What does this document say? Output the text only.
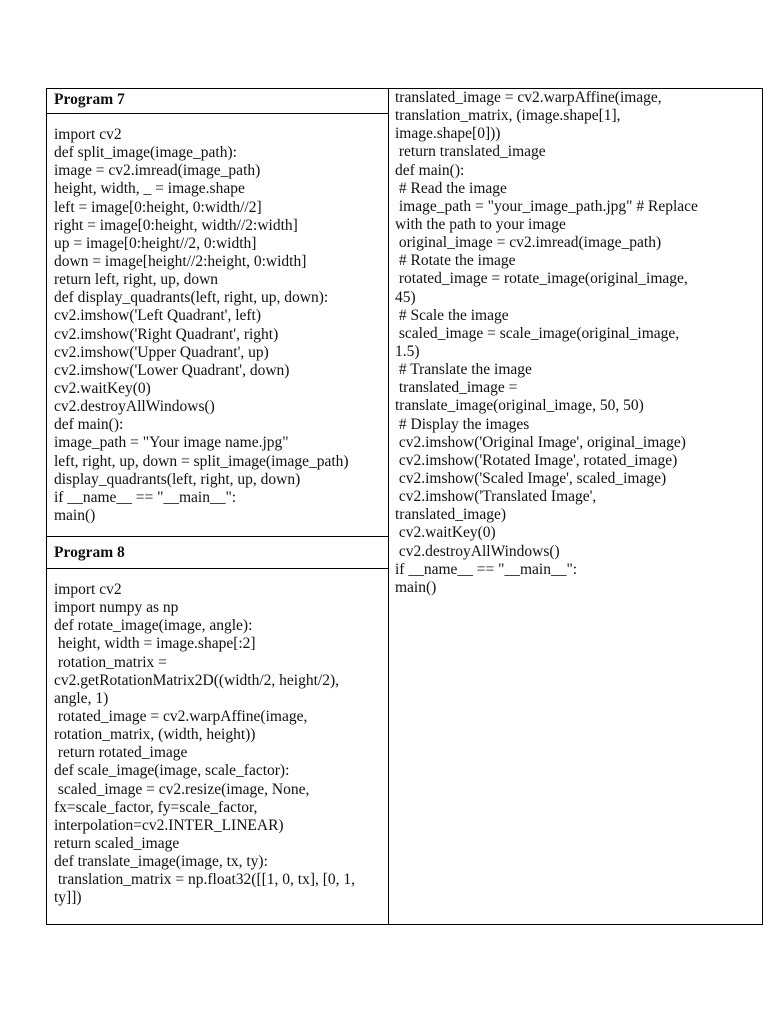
Program 7
import cv2
def split_image(image_path):
image = cv2.imread(image_path)
height, width, _ = image.shape
left = image[0:height, 0:width//2]
right = image[0:height, width//2:width]
up = image[0:height//2, 0:width]
down = image[height//2:height, 0:width]
return left, right, up, down
def display_quadrants(left, right, up, down):
cv2.imshow('Left Quadrant', left)
cv2.imshow('Right Quadrant', right)
cv2.imshow('Upper Quadrant', up)
cv2.imshow('Lower Quadrant', down)
cv2.waitKey(0)
cv2.destroyAllWindows()
def main():
image_path = "Your image name.jpg"
left, right, up, down = split_image(image_path)
display_quadrants(left, right, up, down)
if __name__ == "__main__":
main()
Program 8
import cv2
import numpy as np
def rotate_image(image, angle):
height, width = image.shape[:2]
rotation_matrix =
cv2.getRotationMatrix2D((width/2, height/2),
angle, 1)
rotated_image = cv2.warpAffine(image,
rotation_matrix, (width, height))
return rotated_image
def scale_image(image, scale_factor):
scaled_image = cv2.resize(image, None,
fx=scale_factor, fy=scale_factor,
interpolation=cv2.INTER_LINEAR)
return scaled_image
def translate_image(image, tx, ty):
translation_matrix = np.float32([[1, 0, tx], [0, 1,
ty]])
translated_image = cv2.warpAffine(image,
translation_matrix, (image.shape[1],
image.shape[0]))
return translated_image
def main():
# Read the image
image_path = "your_image_path.jpg" # Replace
with the path to your image
original_image = cv2.imread(image_path)
# Rotate the image
rotated_image = rotate_image(original_image,
45)
# Scale the image
scaled_image = scale_image(original_image,
1.5)
# Translate the image
translated_image =
translate_image(original_image, 50, 50)
# Display the images
cv2.imshow('Original Image', original_image)
cv2.imshow('Rotated Image', rotated_image)
cv2.imshow('Scaled Image', scaled_image)
cv2.imshow('Translated Image',
translated_image)
cv2.waitKey(0)
cv2.destroyAllWindows()
if __name__ == "__main__":
main()
